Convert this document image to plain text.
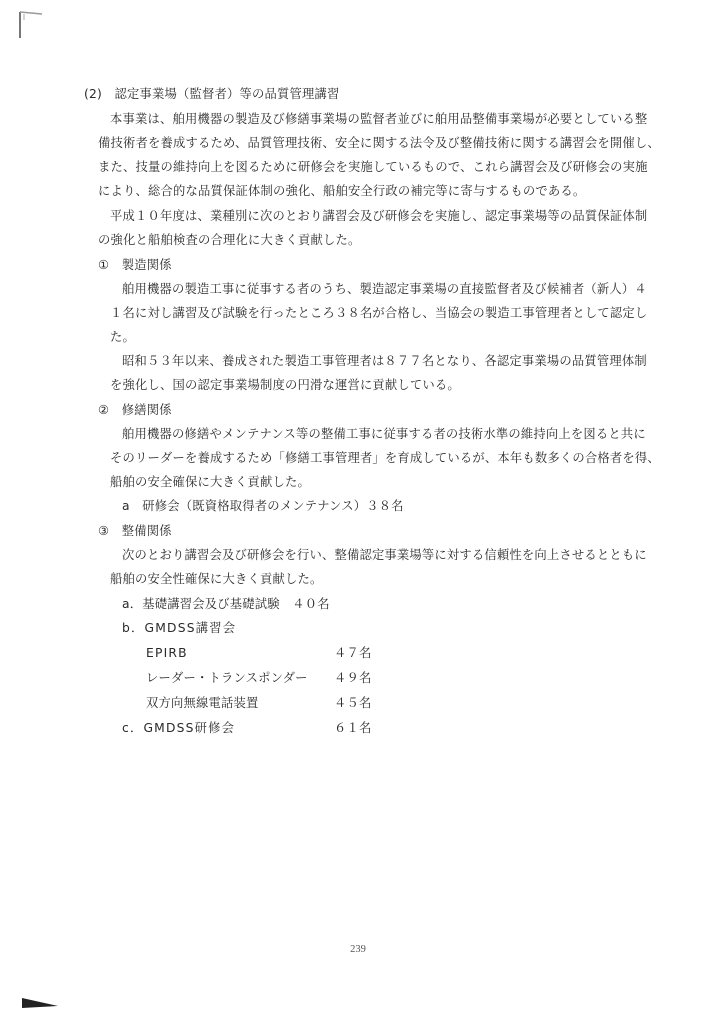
(2)　認定事業場（監督者）等の品質管理講習
本事業は、舶用機器の製造及び修繕事業場の監督者並びに舶用品整備事業場が必要としている整
備技術者を養成するため、品質管理技術、安全に関する法令及び整備技術に関する講習会を開催し、
また、技量の維持向上を図るために研修会を実施しているもので、これら講習会及び研修会の実施
により、総合的な品質保証体制の強化、船舶安全行政の補完等に寄与するものである。
平成１０年度は、業種別に次のとおり講習会及び研修会を実施し、認定事業場等の品質保証体制
の強化と船舶検査の合理化に大きく貢献した。
①　製造関係
舶用機器の製造工事に従事する者のうち、製造認定事業場の直接監督者及び候補者（新人）４
１名に対し講習及び試験を行ったところ３８名が合格し、当協会の製造工事管理者として認定し
た。
昭和５３年以来、養成された製造工事管理者は８７７名となり、各認定事業場の品質管理体制
を強化し、国の認定事業場制度の円滑な運営に貢献している。
②　修繕関係
舶用機器の修繕やメンテナンス等の整備工事に従事する者の技術水準の維持向上を図ると共に
そのリーダーを養成するため「修繕工事管理者」を育成しているが、本年も数多くの合格者を得、
船舶の安全確保に大きく貢献した。
a　研修会（既資格取得者のメンテナンス）３８名
③　整備関係
次のとおり講習会及び研修会を行い、整備認定事業場等に対する信頼性を向上させるとともに
船舶の安全性確保に大きく貢献した。
a．基礎講習会及び基礎試験　４０名
b．GMDSS講習会
EPIRB	４７名
レーダー・トランスポンダー ４９名
双方向無線電話装置	４５名
c．GMDSS研修会	６１名
239
